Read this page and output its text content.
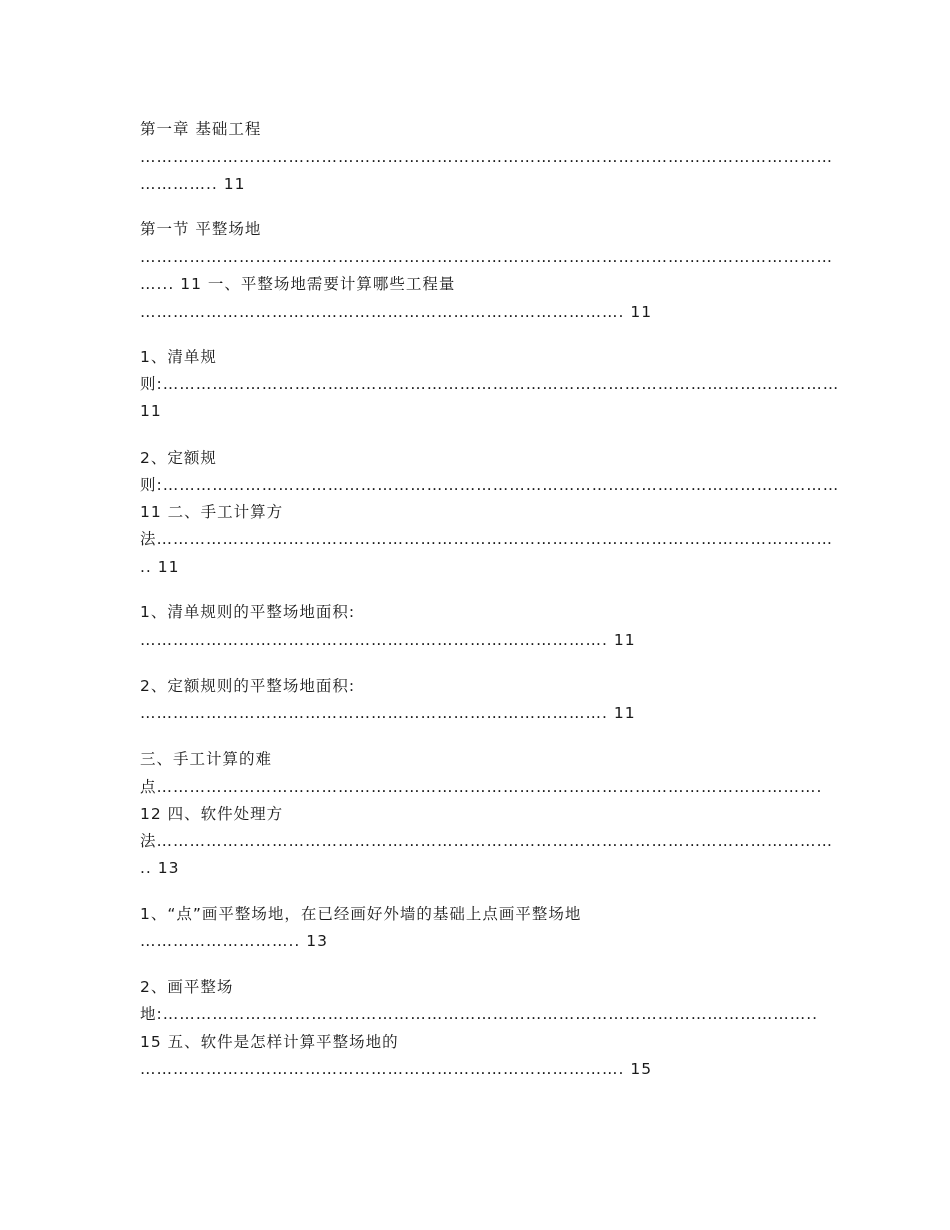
第一章 基础工程
………………………………………………………………………………………………………………
………….. 11
第一节 平整场地
………………………………………………………………………………………………………………
…... 11 一、平整场地需要计算哪些工程量
……………………………………………………………………………. 11
1、清单规
则:……………………………………………………………………………………………………………
11
2、定额规
则:……………………………………………………………………………………………………………
11 二、手工计算方
法……………………………………………………………………………………………………………
.. 11
1、清单规则的平整场地面积:
…………………………………………………………………………. 11
2、定额规则的平整场地面积:
…………………………………………………………………………. 11
三、手工计算的难
点………………………………………………………………………………………………………….
12 四、软件处理方
法……………………………………………………………………………………………………………
.. 13
1、“点”画平整场地，在已经画好外墙的基础上点画平整场地
……………………….. 13
2、画平整场
地:………………………………………………………………………………………………………..
15 五、软件是怎样计算平整场地的
……………………………………………………………………………. 15
